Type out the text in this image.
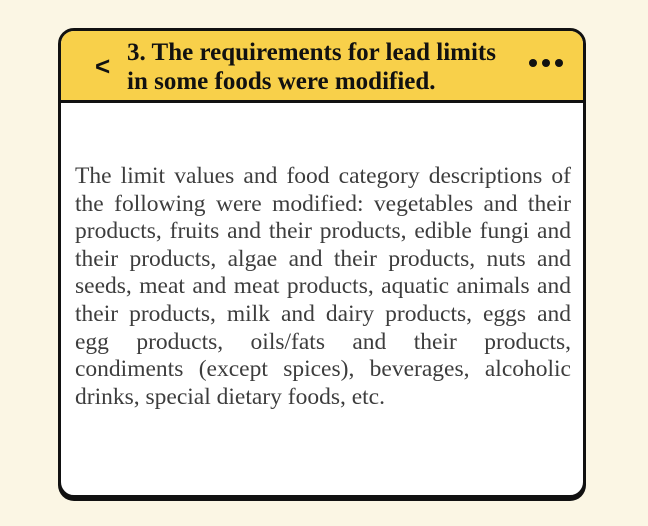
< 3. The requirements for lead limits
in some foods were modified.

The limit values and food category descriptions of the following were modified: vegetables and their products, fruits and their products, edible fungi and their products, algae and their products, nuts and seeds, meat and meat products, aquatic animals and their products, milk and dairy products, eggs and egg products, oils/fats and their products, condiments (except spices), beverages, alcoholic drinks, special dietary foods, etc.
